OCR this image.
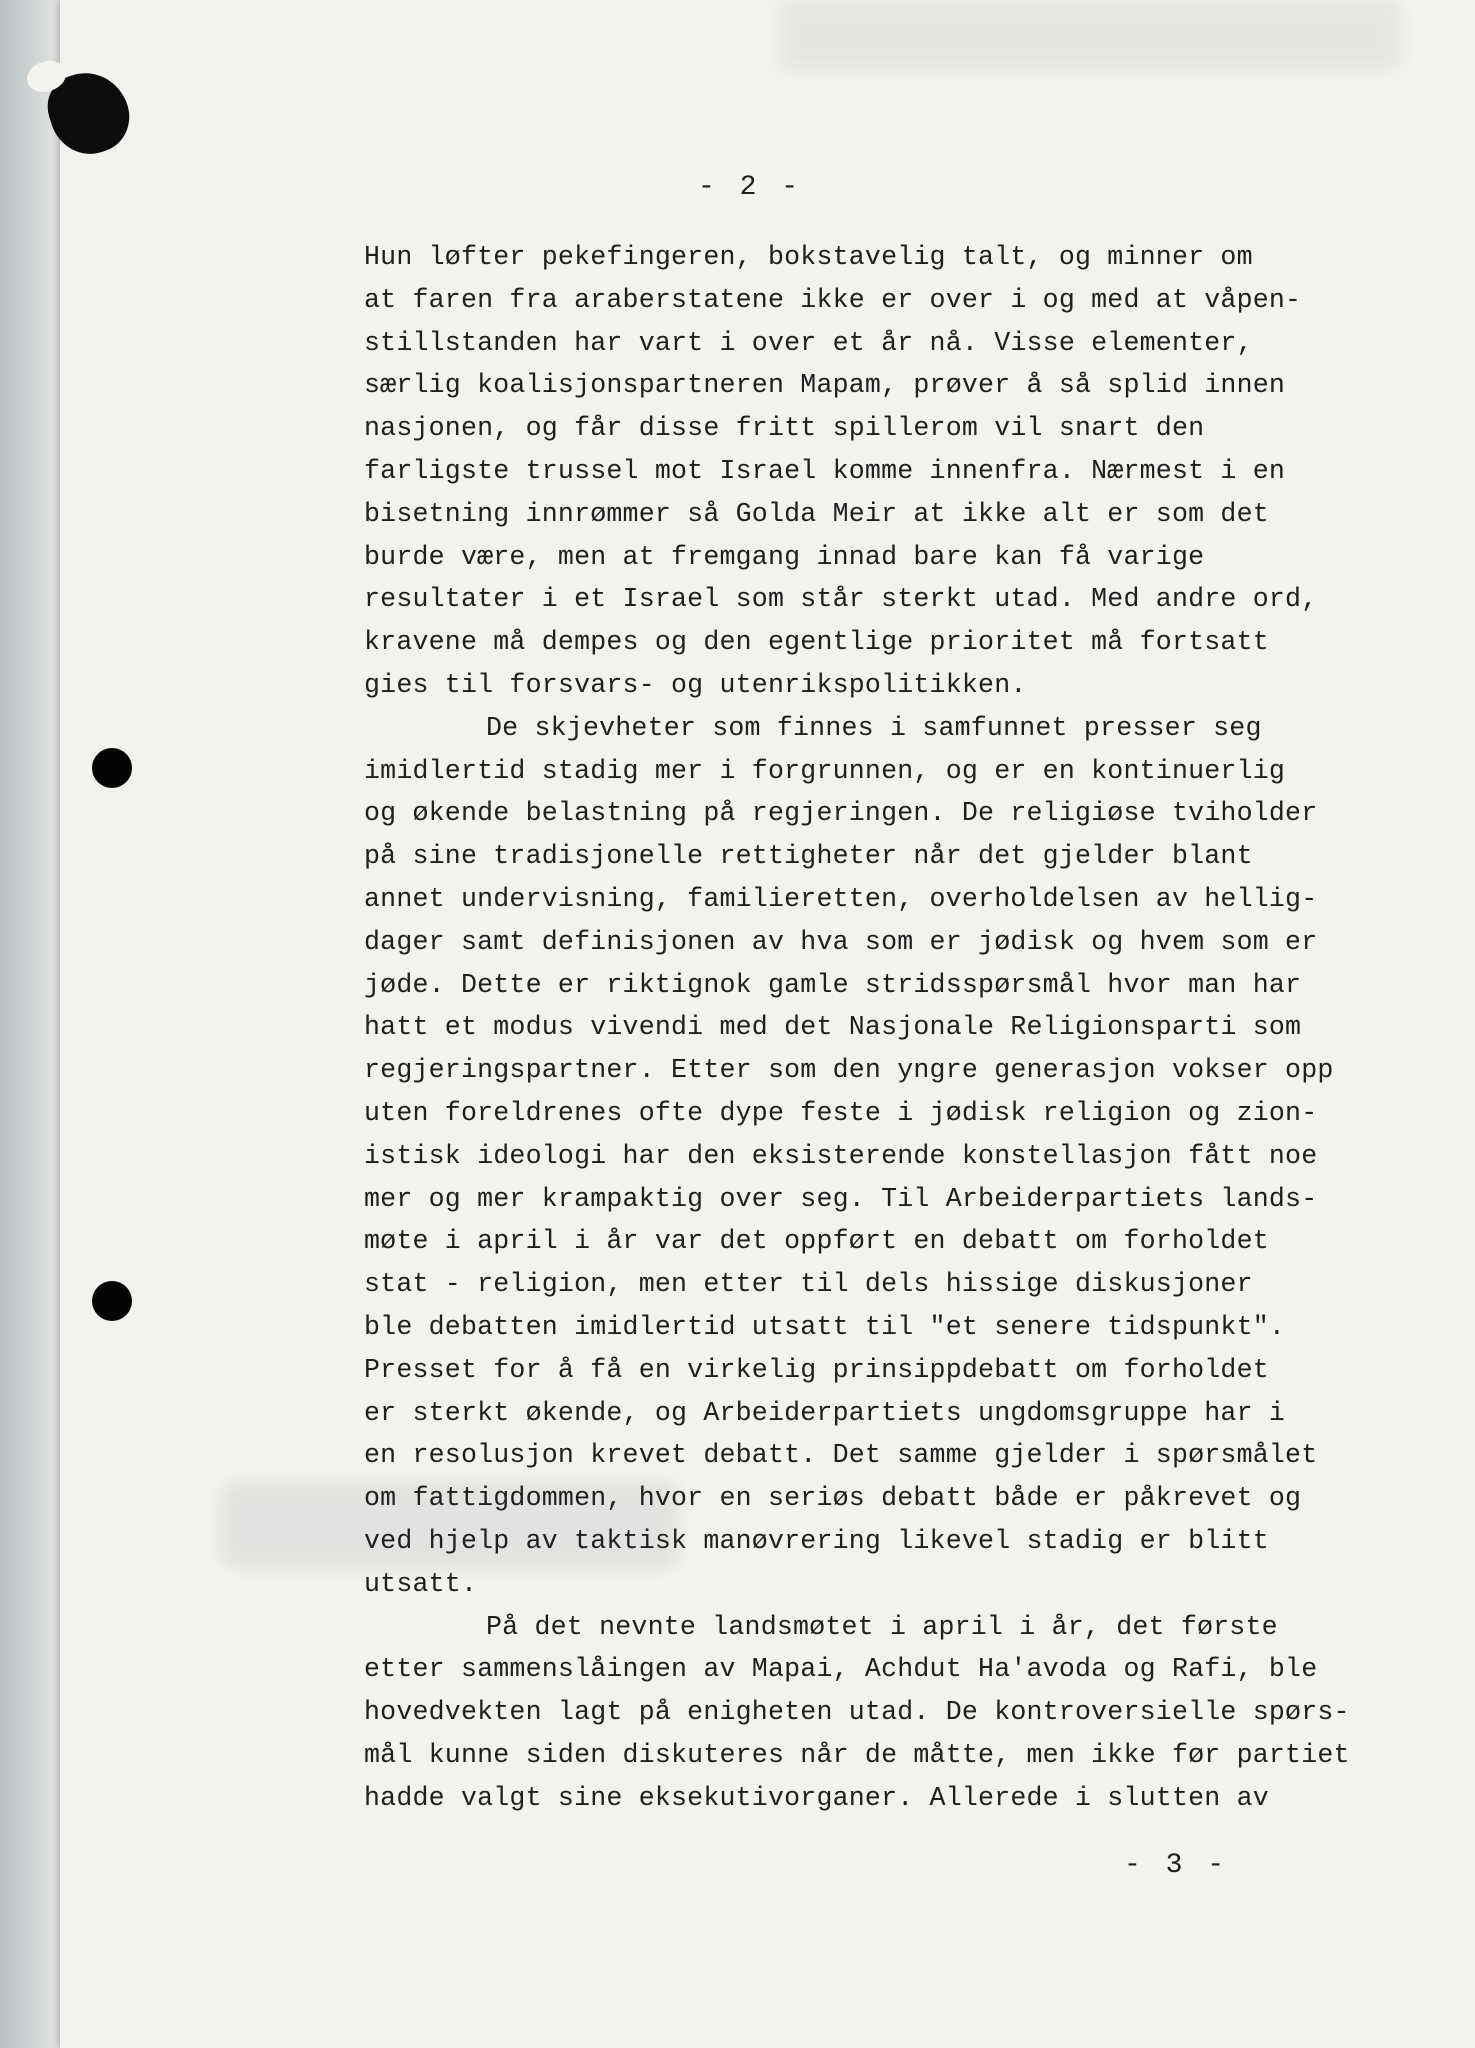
- 2 -
Hun løfter pekefingeren, bokstavelig talt, og minner om
at faren fra araberstatene ikke er over i og med at våpen-
stillstanden har vart i over et år nå. Visse elementer,
særlig koalisjonspartneren Mapam, prøver å så splid innen
nasjonen, og får disse fritt spillerom vil snart den
farligste trussel mot Israel komme innenfra. Nærmest i en
bisetning innrømmer så Golda Meir at ikke alt er som det
burde være, men at fremgang innad bare kan få varige
resultater i et Israel som står sterkt utad. Med andre ord,
kravene må dempes og den egentlige prioritet må fortsatt
gies til forsvars- og utenrikspolitikken.
De skjevheter som finnes i samfunnet presser seg
imidlertid stadig mer i forgrunnen, og er en kontinuerlig
og økende belastning på regjeringen. De religiøse tviholder
på sine tradisjonelle rettigheter når det gjelder blant
annet undervisning, familieretten, overholdelsen av hellig-
dager samt definisjonen av hva som er jødisk og hvem som er
jøde. Dette er riktignok gamle stridsspørsmål hvor man har
hatt et modus vivendi med det Nasjonale Religionsparti som
regjeringspartner. Etter som den yngre generasjon vokser opp
uten foreldrenes ofte dype feste i jødisk religion og zion-
istisk ideologi har den eksisterende konstellasjon fått noe
mer og mer krampaktig over seg. Til Arbeiderpartiets lands-
møte i april i år var det oppført en debatt om forholdet
stat - religion, men etter til dels hissige diskusjoner
ble debatten imidlertid utsatt til "et senere tidspunkt".
Presset for å få en virkelig prinsippdebatt om forholdet
er sterkt økende, og Arbeiderpartiets ungdomsgruppe har i
en resolusjon krevet debatt. Det samme gjelder i spørsmålet
om fattigdommen, hvor en seriøs debatt både er påkrevet og
ved hjelp av taktisk manøvrering likevel stadig er blitt
utsatt.
På det nevnte landsmøtet i april i år, det første
etter sammenslåingen av Mapai, Achdut Ha'avoda og Rafi, ble
hovedvekten lagt på enigheten utad. De kontroversielle spørs-
mål kunne siden diskuteres når de måtte, men ikke før partiet
hadde valgt sine eksekutivorganer. Allerede i slutten av
- 3 -
